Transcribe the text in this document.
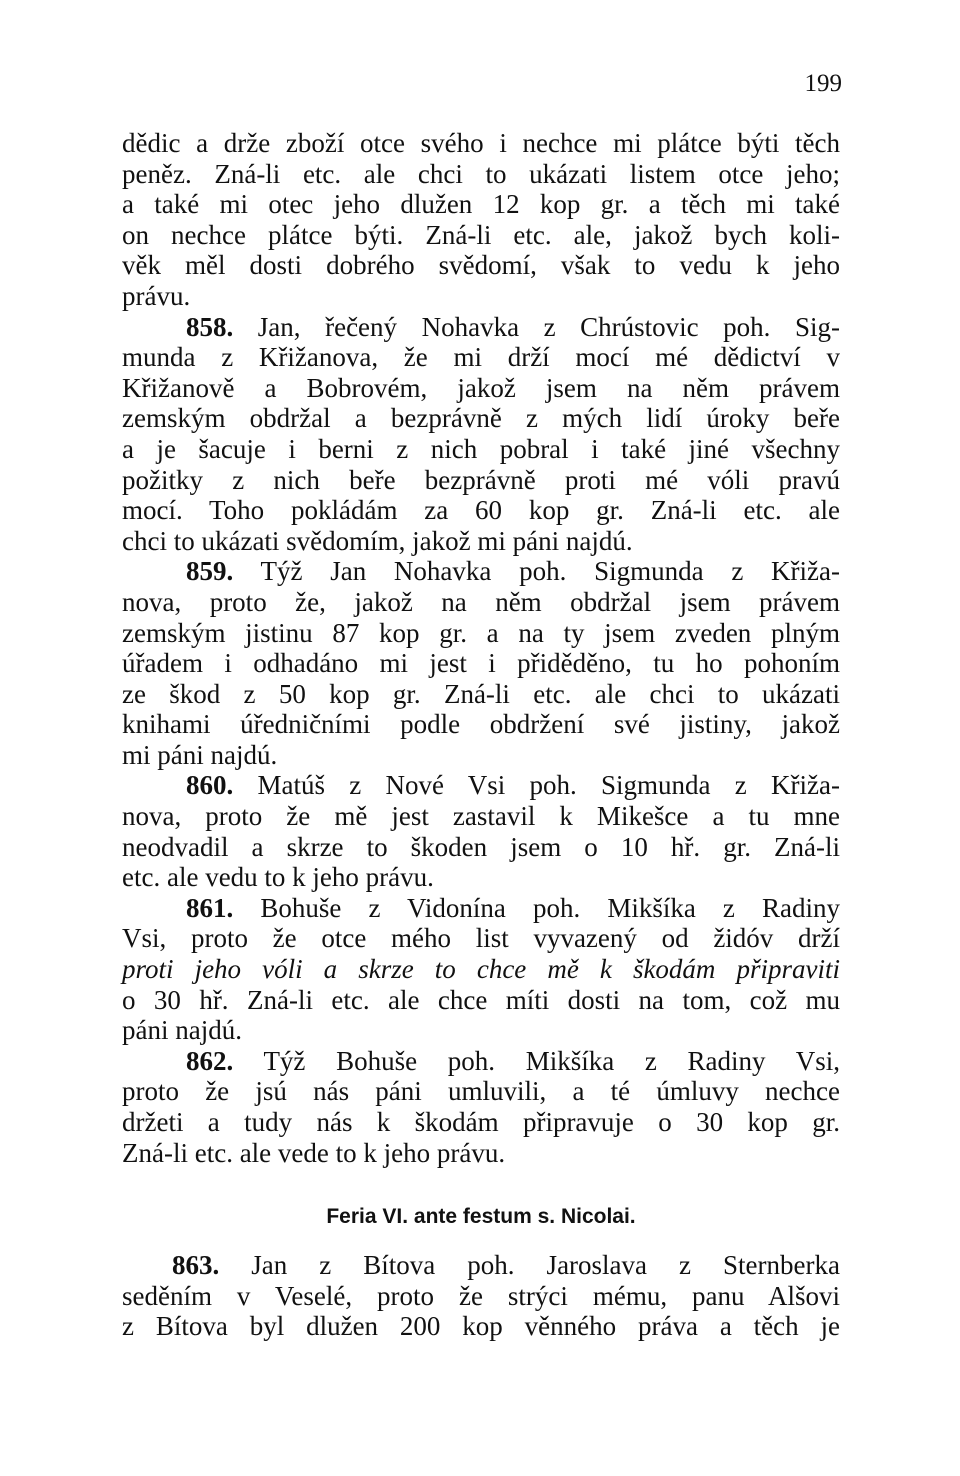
199
dědic a drže zboží otce svého i nechce mi plátce býti těch
peněz. Zná-li etc. ale chci to ukázati listem otce jeho;
a také mi otec jeho dlužen 12 kop gr. a těch mi také
on nechce plátce býti. Zná-li etc. ale, jakož bych koli-
věk měl dosti dobrého svědomí, však to vedu k jeho
právu.
858. Jan, řečený Nohavka z Chrústovic poh. Sig-
munda z Křižanova, že mi drží mocí mé dědictví v
Křižanově a Bobrovém, jakož jsem na něm právem
zemským obdržal a bezprávně z mých lidí úroky beře
a je šacuje i berni z nich pobral i také jiné všechny
požitky z nich beře bezprávně proti mé vóli pravú
mocí. Toho pokládám za 60 kop gr. Zná-li etc. ale
chci to ukázati svědomím, jakož mi páni najdú.
859. Týž Jan Nohavka poh. Sigmunda z Křiža-
nova, proto že, jakož na něm obdržal jsem právem
zemským jistinu 87 kop gr. a na ty jsem zveden plným
úřadem i odhadáno mi jest i přiděděno, tu ho pohoním
ze škod z 50 kop gr. Zná-li etc. ale chci to ukázati
knihami úředničními podle obdržení své jistiny, jakož
mi páni najdú.
860. Matúš z Nové Vsi poh. Sigmunda z Křiža-
nova, proto že mě jest zastavil k Mikešce a tu mne
neodvadil a skrze to škoden jsem o 10 hř. gr. Zná-li
etc. ale vedu to k jeho právu.
861. Bohuše z Vidonína poh. Mikšíka z Radiny
Vsi, proto že otce mého list vyvazený od židóv drží
proti jeho vóli a skrze to chce mě k škodám připraviti
o 30 hř. Zná-li etc. ale chce míti dosti na tom, což mu
páni najdú.
862. Týž Bohuše poh. Mikšíka z Radiny Vsi,
proto že jsú nás páni umluvili, a té úmluvy nechce
držeti a tudy nás k škodám připravuje o 30 kop gr.
Zná-li etc. ale vede to k jeho právu.
Feria VI. ante festum s. Nicolai.
863. Jan z Bítova poh. Jaroslava z Sternberka
seděním v Veselé, proto že strýci mému, panu Alšovi
z Bítova byl dlužen 200 kop věnného práva a těch je
